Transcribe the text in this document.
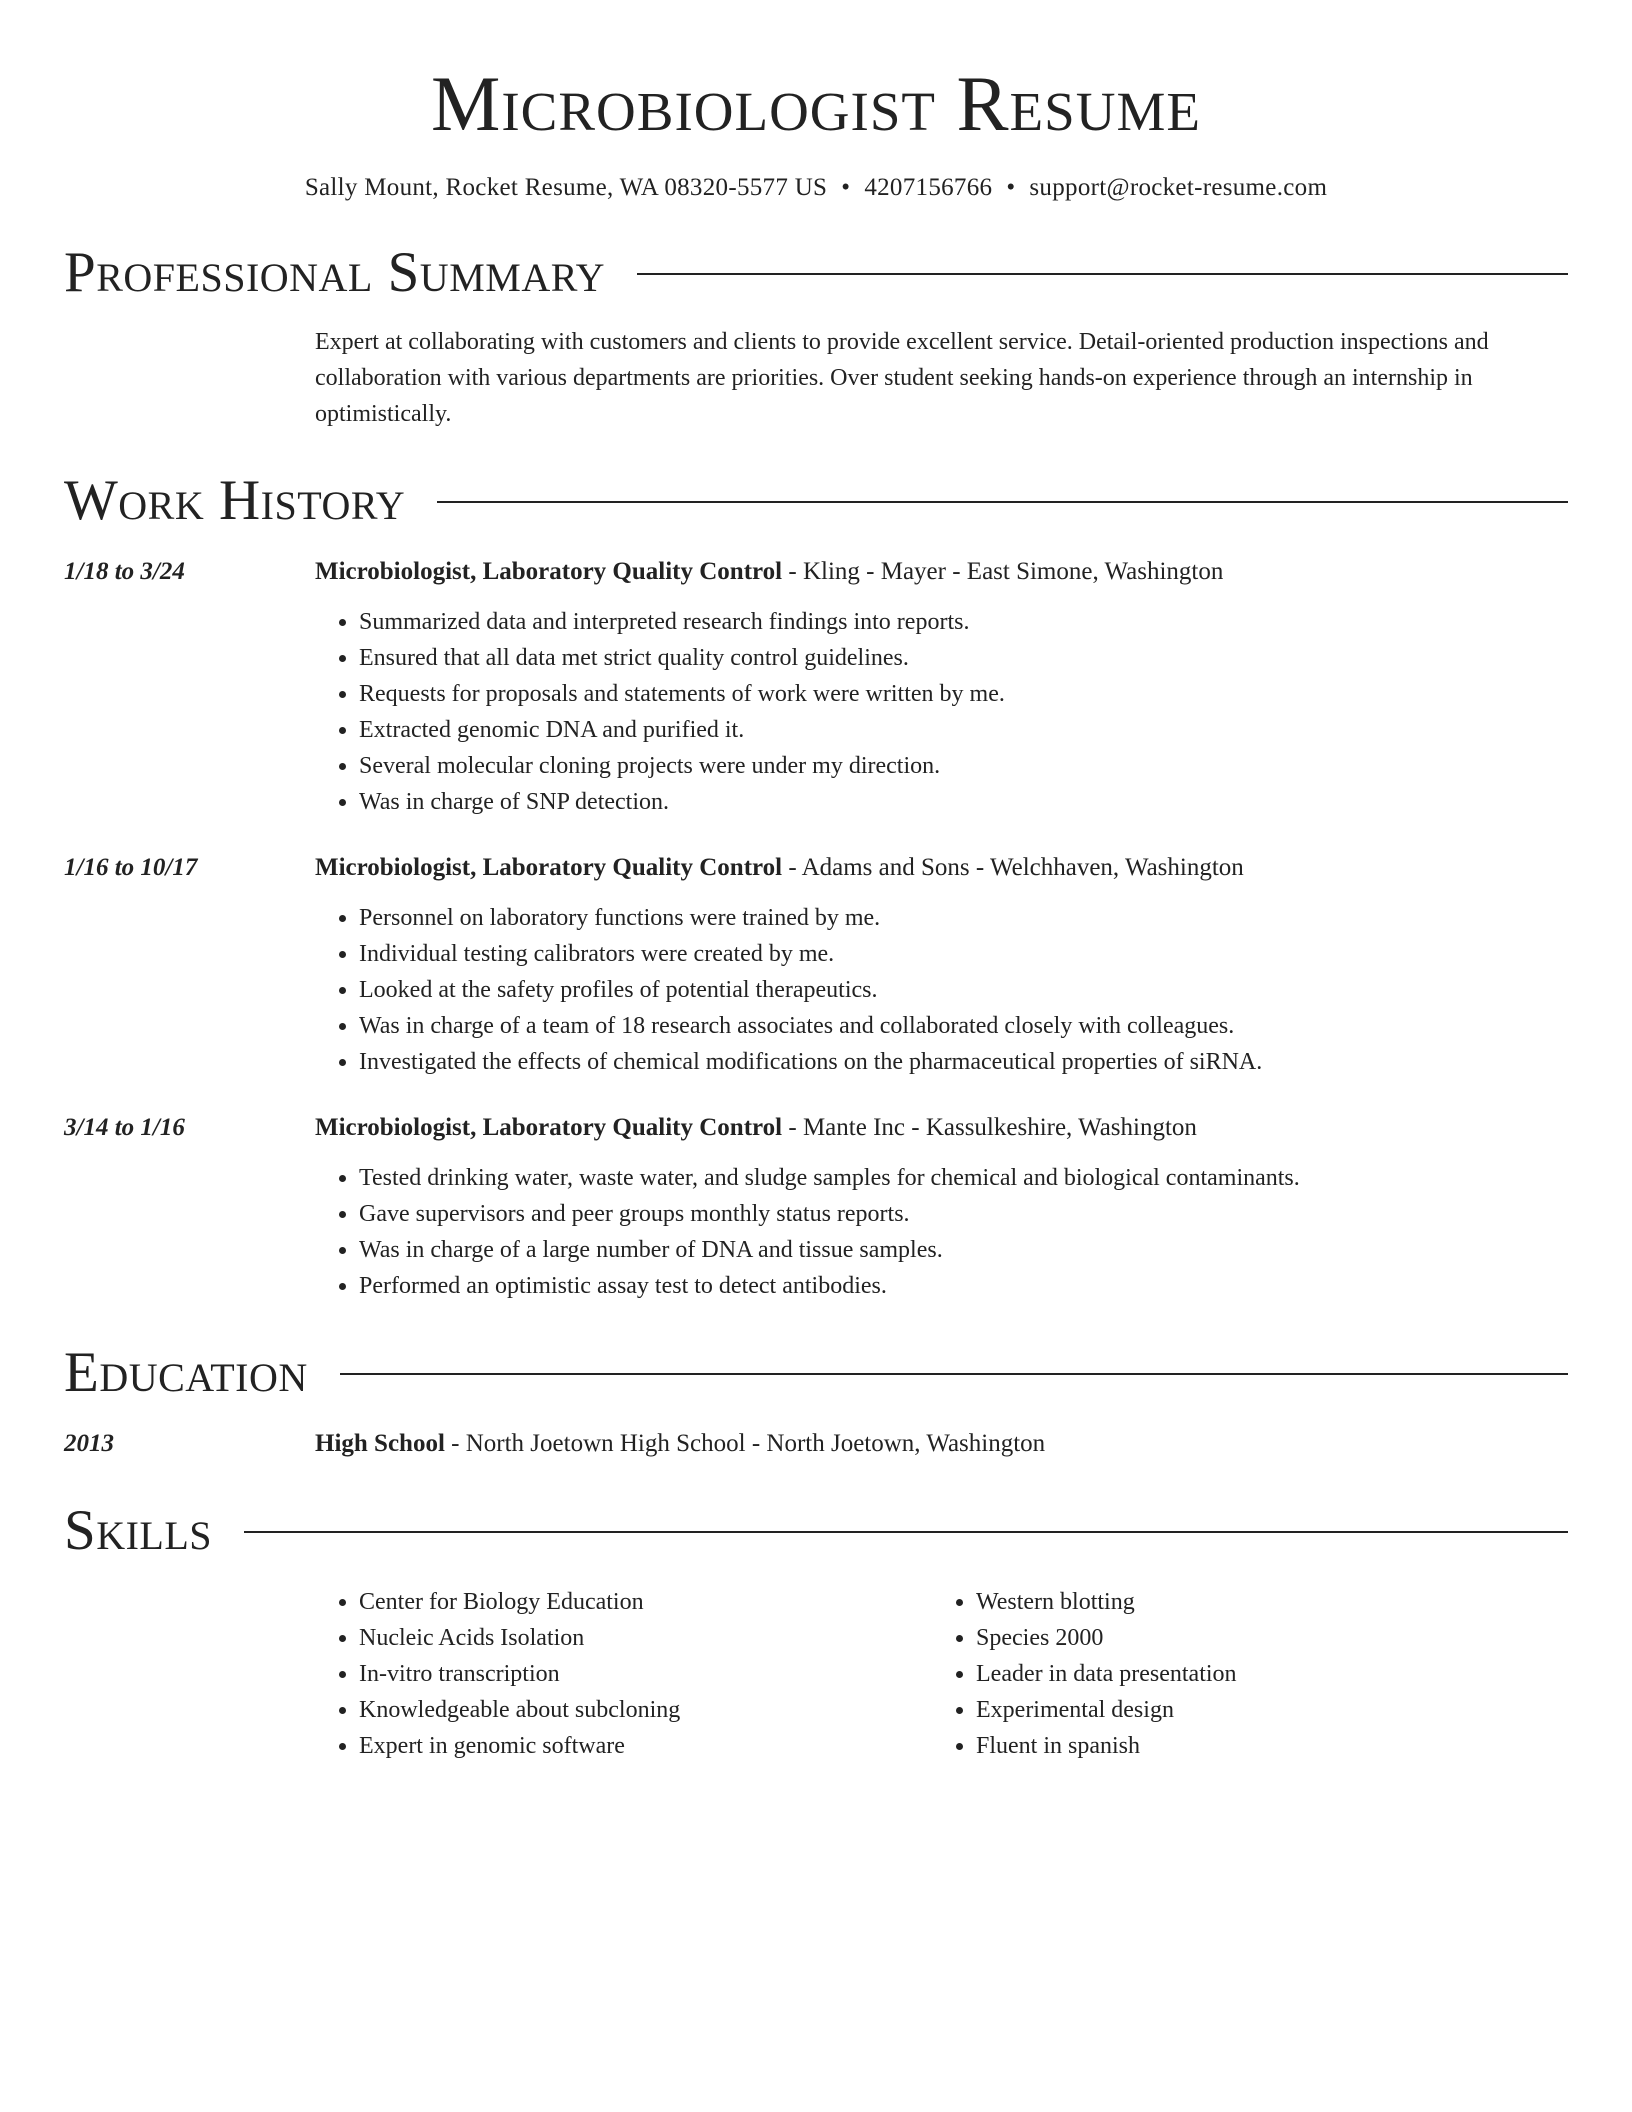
Microbiologist Resume
Sally Mount, Rocket Resume, WA 08320-5577 US • 4207156766 • support@rocket-resume.com
Professional Summary
Expert at collaborating with customers and clients to provide excellent service. Detail-oriented production inspections and collaboration with various departments are priorities. Over student seeking hands-on experience through an internship in optimistically.
Work History
1/18 to 3/24	Microbiologist, Laboratory Quality Control - Kling - Mayer - East Simone, Washington
• Summarized data and interpreted research findings into reports.
• Ensured that all data met strict quality control guidelines.
• Requests for proposals and statements of work were written by me.
• Extracted genomic DNA and purified it.
• Several molecular cloning projects were under my direction.
• Was in charge of SNP detection.
1/16 to 10/17	Microbiologist, Laboratory Quality Control - Adams and Sons - Welchhaven, Washington
• Personnel on laboratory functions were trained by me.
• Individual testing calibrators were created by me.
• Looked at the safety profiles of potential therapeutics.
• Was in charge of a team of 18 research associates and collaborated closely with colleagues.
• Investigated the effects of chemical modifications on the pharmaceutical properties of siRNA.
3/14 to 1/16	Microbiologist, Laboratory Quality Control - Mante Inc - Kassulkeshire, Washington
• Tested drinking water, waste water, and sludge samples for chemical and biological contaminants.
• Gave supervisors and peer groups monthly status reports.
• Was in charge of a large number of DNA and tissue samples.
• Performed an optimistic assay test to detect antibodies.
Education
2013	High School - North Joetown High School - North Joetown, Washington
Skills
• Center for Biology Education
• Nucleic Acids Isolation
• In-vitro transcription
• Knowledgeable about subcloning
• Expert in genomic software
• Western blotting
• Species 2000
• Leader in data presentation
• Experimental design
• Fluent in spanish
